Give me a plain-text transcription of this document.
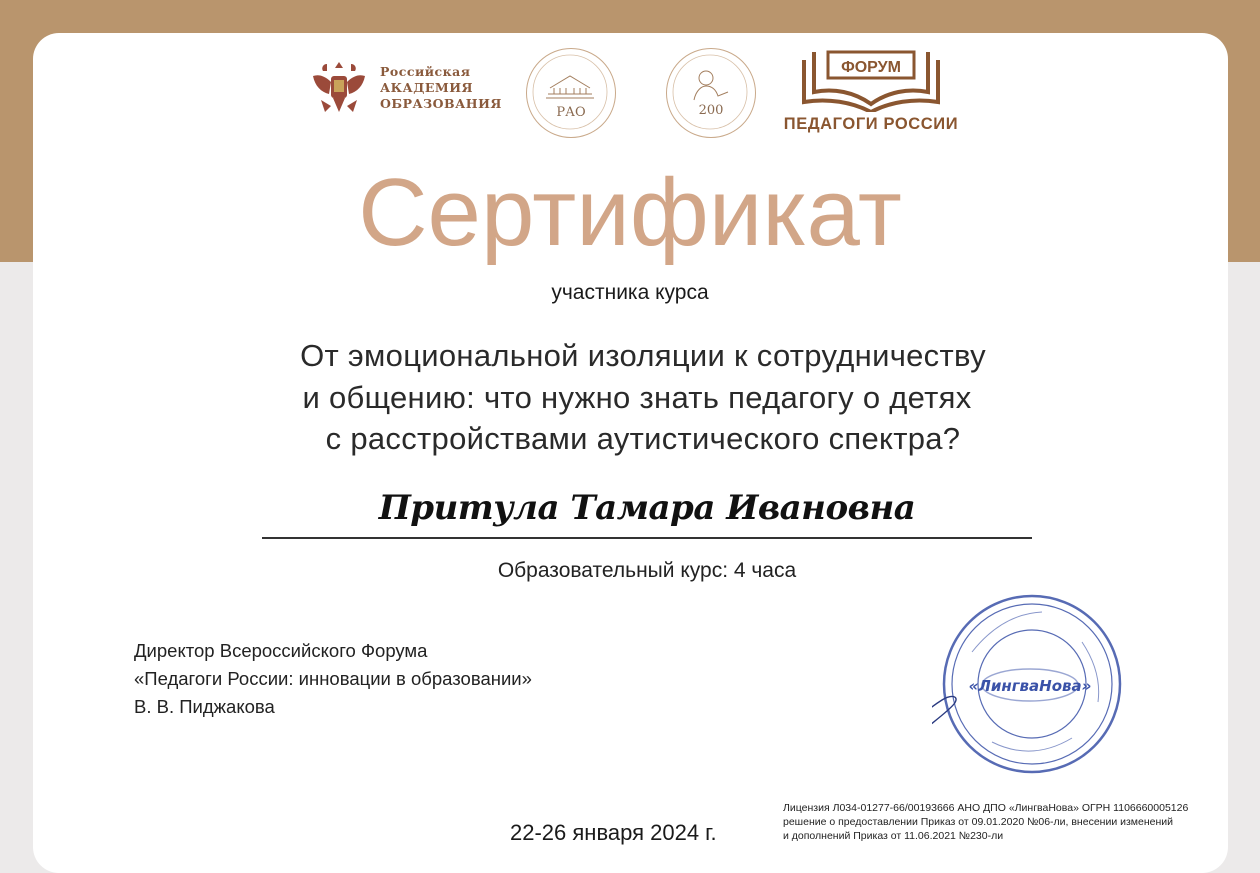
Российская
АКАДЕМИЯ
ОБРАЗОВАНИЯ
РАО	200
ФОРУМ
ПЕДАГОГИ РОССИИ
Сертификат
участника курса
От эмоциональной изоляции к сотрудничеству
и общению: что нужно знать педагогу о детях
с расстройствами аутистического спектра?
Притула Тамара Ивановна
Образовательный курс: 4 часа
Директор Всероссийского Форума
«Педагоги России: инновации в образовании»
В. В. Пиджакова
«ЛингваНова»
Лицензия Л034-01277-66/00193666 АНО ДПО «ЛингваНова» ОГРН 1106660005126
решение о предоставлении Приказ от 09.01.2020 №06-ли, внесении изменений
и дополнений Приказ от 11.06.2021 №230-ли
22-26 января 2024 г.
